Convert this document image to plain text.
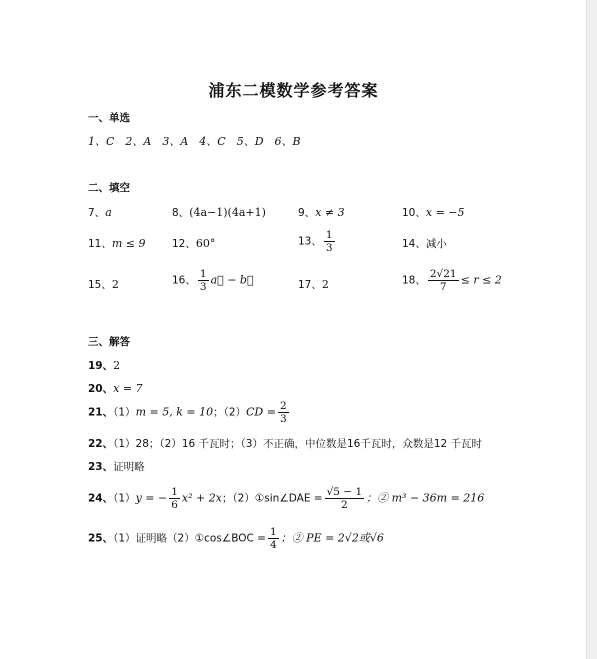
浦东二模数学参考答案
一、单选
1、C　2、A　3、A　4、C　5、D　6、B
二、填空
7、a	8、(4a−1)(4a+1)	9、x ≠ 3	10、x = −5
11、m ≤ 9	12、60°	13、 $\frac{1}{3}$	14、减小
15、2	16、 $\frac{1}{3}$ a⃗ − b⃗	17、2	18、 $\frac{2√21}{7} \le r \le 2$
三、解答
19、2
20、x = 7
21、（1）m = 5, k = 10；$(2)CD = \frac{2}{3}$
22、（1）28；（2）16 千瓦时；（3）不正确，中位数是16千瓦时，众数是12 千瓦时
23、证明略
24、（1）y = − $\frac{1}{6} x^2 + 2x$；（2）①sin∠DAE = $\frac{√5 - 1}{2}$ ；② m³ − 36m = 216
25、（1）证明略（2）①cos∠BOC = $\frac{1}{4}$ ；② PE = 2√2或√6
